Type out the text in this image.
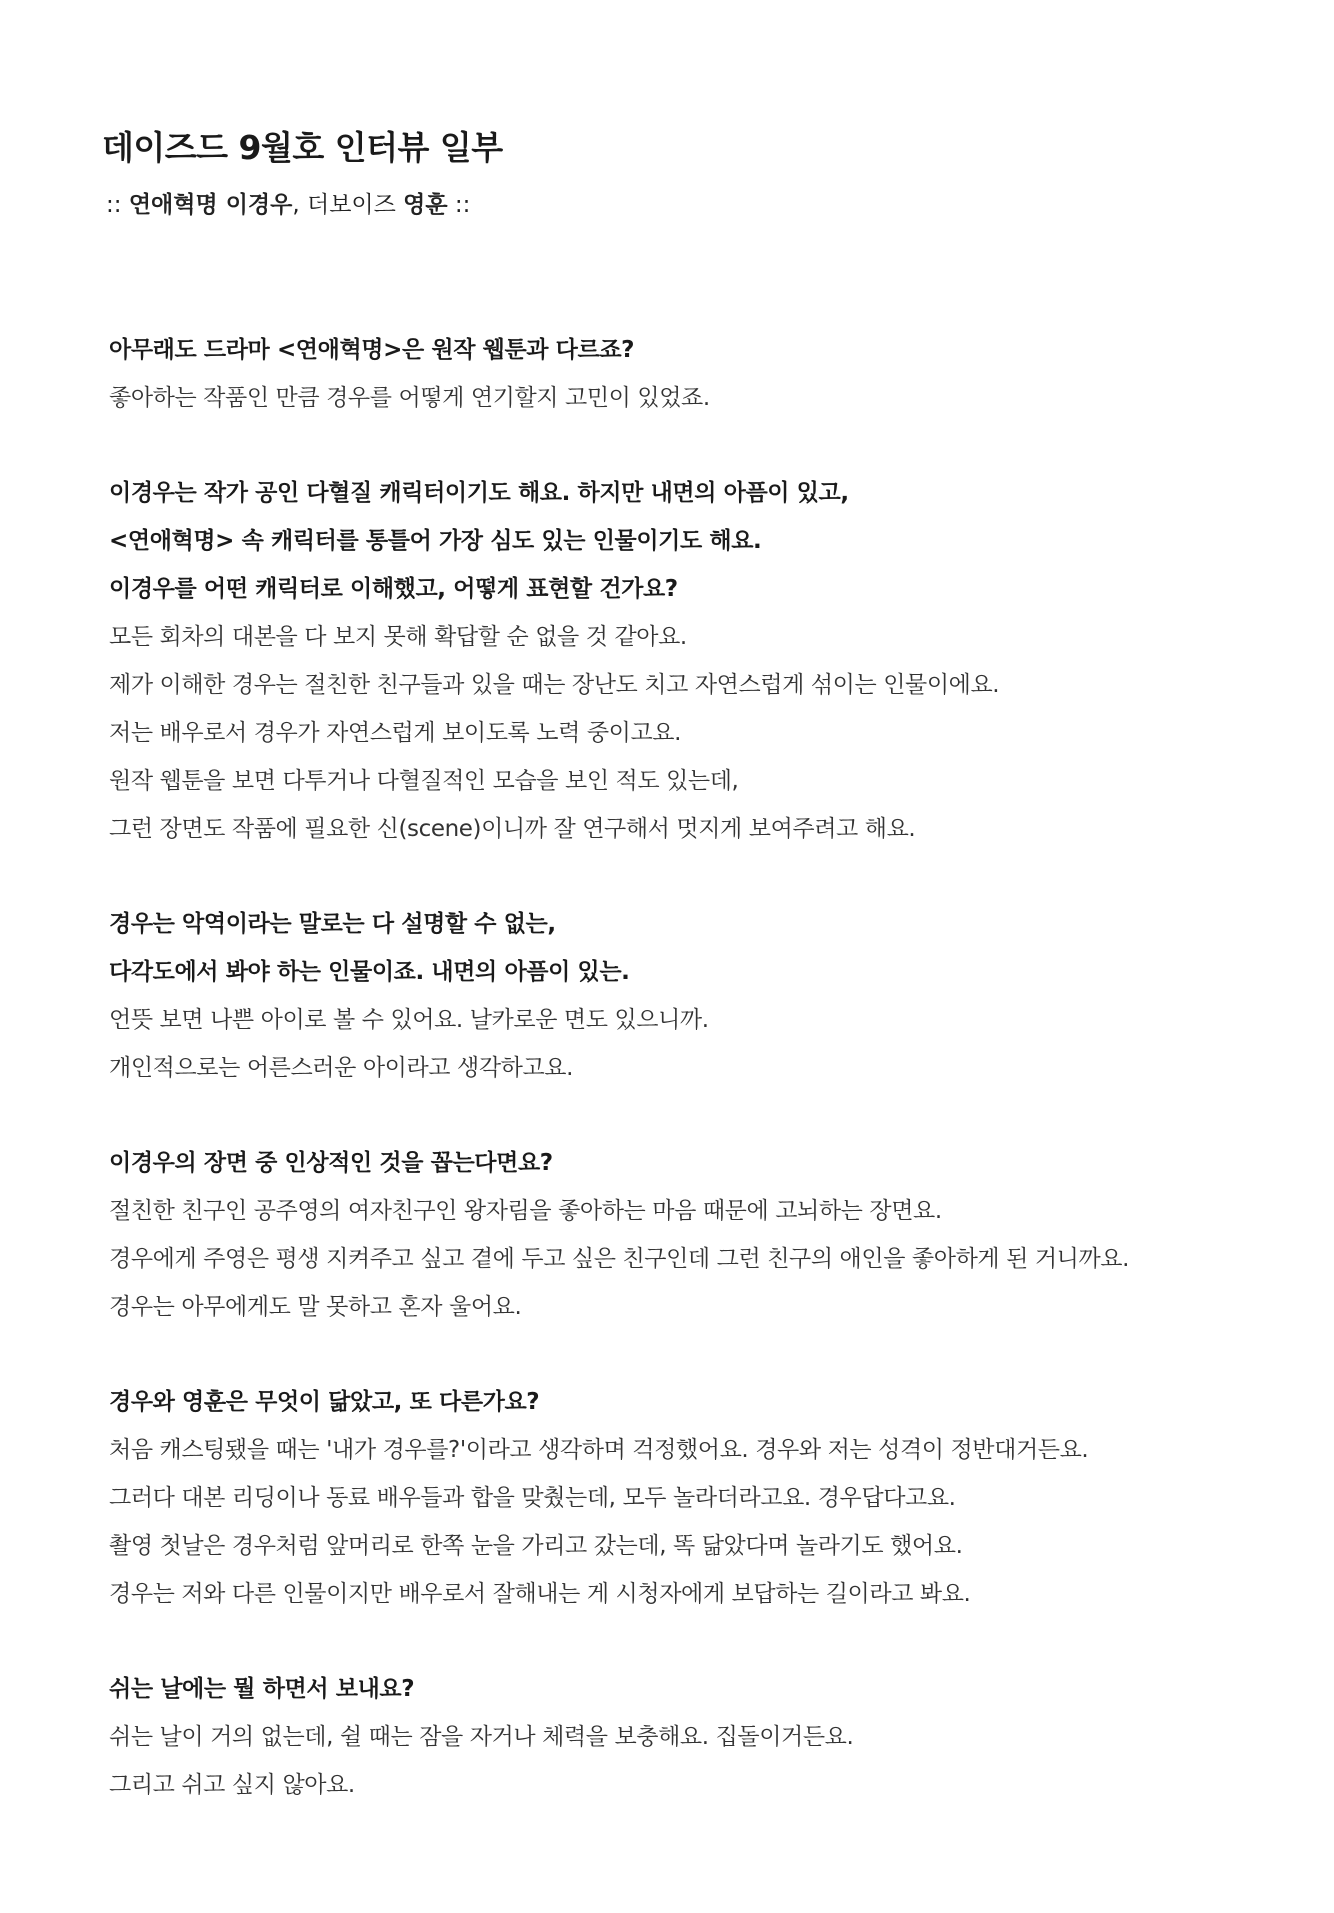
데이즈드 9월호 인터뷰 일부

:: 연애혁명 이경우, 더보이즈 영훈 ::

아무래도 드라마 <연애혁명>은 원작 웹툰과 다르죠?
좋아하는 작품인 만큼 경우를 어떻게 연기할지 고민이 있었죠.
이경우는 작가 공인 다혈질 캐릭터이기도 해요. 하지만 내면의 아픔이 있고,
<연애혁명> 속 캐릭터를 통틀어 가장 심도 있는 인물이기도 해요.
이경우를 어떤 캐릭터로 이해했고, 어떻게 표현할 건가요?
모든 회차의 대본을 다 보지 못해 확답할 순 없을 것 같아요.
제가 이해한 경우는 절친한 친구들과 있을 때는 장난도 치고 자연스럽게 섞이는 인물이에요.
저는 배우로서 경우가 자연스럽게 보이도록 노력 중이고요.
원작 웹툰을 보면 다투거나 다혈질적인 모습을 보인 적도 있는데,
그런 장면도 작품에 필요한 신(scene)이니까 잘 연구해서 멋지게 보여주려고 해요.
경우는 악역이라는 말로는 다 설명할 수 없는,
다각도에서 봐야 하는 인물이죠. 내면의 아픔이 있는.
언뜻 보면 나쁜 아이로 볼 수 있어요. 날카로운 면도 있으니까.
개인적으로는 어른스러운 아이라고 생각하고요.
이경우의 장면 중 인상적인 것을 꼽는다면요?
절친한 친구인 공주영의 여자친구인 왕자림을 좋아하는 마음 때문에 고뇌하는 장면요.
경우에게 주영은 평생 지켜주고 싶고 곁에 두고 싶은 친구인데 그런 친구의 애인을 좋아하게 된 거니까요.
경우는 아무에게도 말 못하고 혼자 울어요.
경우와 영훈은 무엇이 닮았고, 또 다른가요?
처음 캐스팅됐을 때는 '내가 경우를?'이라고 생각하며 걱정했어요. 경우와 저는 성격이 정반대거든요.
그러다 대본 리딩이나 동료 배우들과 합을 맞췄는데, 모두 놀라더라고요. 경우답다고요.
촬영 첫날은 경우처럼 앞머리로 한쪽 눈을 가리고 갔는데, 똑 닮았다며 놀라기도 했어요.
경우는 저와 다른 인물이지만 배우로서 잘해내는 게 시청자에게 보답하는 길이라고 봐요.
쉬는 날에는 뭘 하면서 보내요?
쉬는 날이 거의 없는데, 쉴 때는 잠을 자거나 체력을 보충해요. 집돌이거든요.
그리고 쉬고 싶지 않아요.
